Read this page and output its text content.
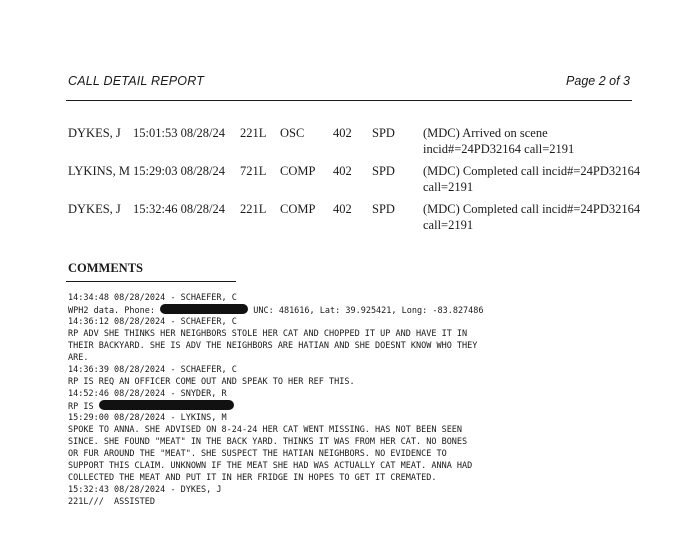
CALL DETAIL REPORT	Page 2 of 3
DYKES, J 15:01:53 08/28/24 221L OSC 402 SPD (MDC) Arrived on scene incid#=24PD32164 call=2191
LYKINS, M 15:29:03 08/28/24 721L COMP 402 SPD (MDC) Completed call incid#=24PD32164 call=2191
DYKES, J 15:32:46 08/28/24 221L COMP 402 SPD (MDC) Completed call incid#=24PD32164 call=2191
COMMENTS
14:34:48 08/28/2024 - SCHAEFER, C
WPH2 data. Phone:	UNC: 481616, Lat: 39.925421, Long: -83.827486
14:36:12 08/28/2024 - SCHAEFER, C
RP ADV SHE THINKS HER NEIGHBORS STOLE HER CAT AND CHOPPED IT UP AND HAVE IT IN
THEIR BACKYARD. SHE IS ADV THE NEIGHBORS ARE HATIAN AND SHE DOESNT KNOW WHO THEY
ARE.
14:36:39 08/28/2024 - SCHAEFER, C
RP IS REQ AN OFFICER COME OUT AND SPEAK TO HER REF THIS.
14:52:46 08/28/2024 - SNYDER, R
RP IS
15:29:00 08/28/2024 - LYKINS, M
SPOKE TO ANNA. SHE ADVISED ON 8-24-24 HER CAT WENT MISSING. HAS NOT BEEN SEEN
SINCE. SHE FOUND "MEAT" IN THE BACK YARD. THINKS IT WAS FROM HER CAT. NO BONES
OR FUR AROUND THE "MEAT". SHE SUSPECT THE HATIAN NEIGHBORS. NO EVIDENCE TO
SUPPORT THIS CLAIM. UNKNOWN IF THE MEAT SHE HAD WAS ACTUALLY CAT MEAT. ANNA HAD
COLLECTED THE MEAT AND PUT IT IN HER FRIDGE IN HOPES TO GET IT CREMATED.
15:32:43 08/28/2024 - DYKES, J
221L///  ASSISTED
